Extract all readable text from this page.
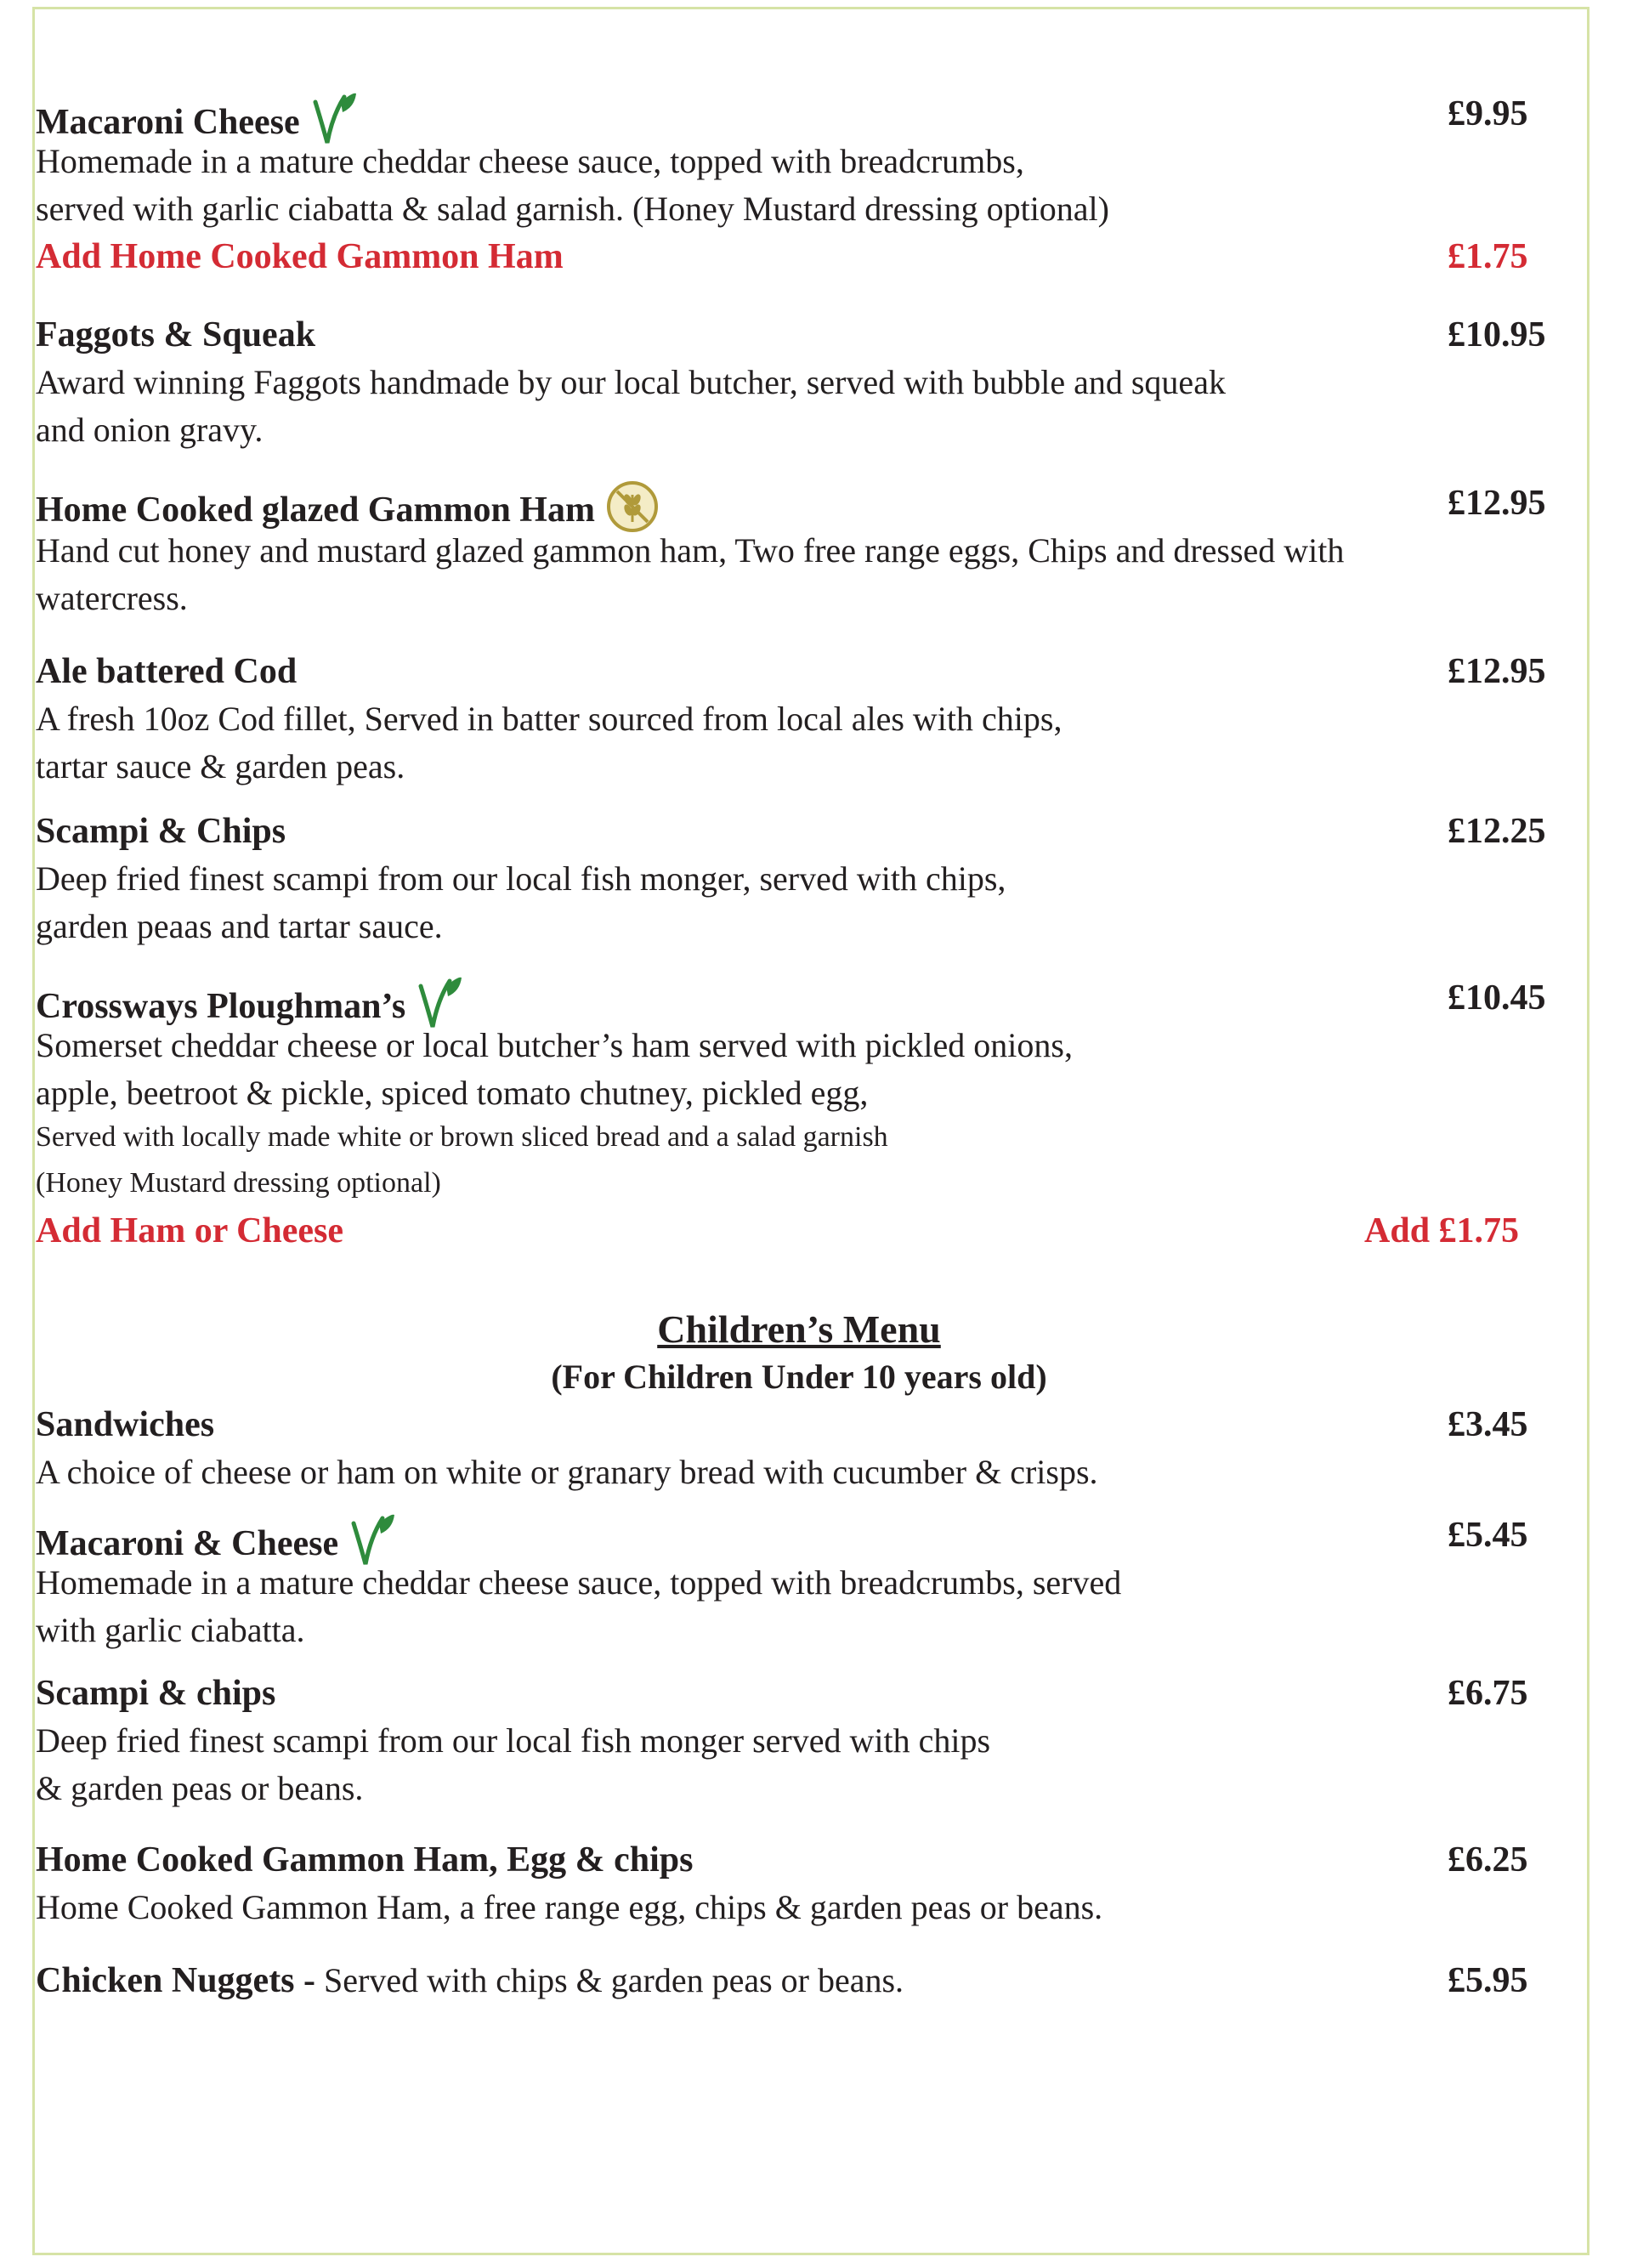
Macaroni Cheese	£9.95
Homemade in a mature cheddar cheese sauce, topped with breadcrumbs,
served with garlic ciabatta & salad garnish. (Honey Mustard dressing optional)
Add Home Cooked Gammon Ham	£1.75
Faggots & Squeak	£10.95
Award winning Faggots handmade by our local butcher, served with bubble and squeak
and onion gravy.
Home Cooked glazed Gammon Ham	£12.95
Hand cut honey and mustard glazed gammon ham, Two free range eggs, Chips and dressed with
watercress.
Ale battered Cod	£12.95
A fresh 10oz Cod fillet, Served in batter sourced from local ales with chips,
tartar sauce & garden peas.
Scampi & Chips	£12.25
Deep fried finest scampi from our local fish monger, served with chips,
garden peaas and tartar sauce.
Crossways Ploughman’s	£10.45
Somerset cheddar cheese or local butcher’s ham served with pickled onions,
apple, beetroot & pickle, spiced tomato chutney, pickled egg,
Served with locally made white or brown sliced bread and a salad garnish
(Honey Mustard dressing optional)
Add Ham or Cheese	Add £1.75
Children’s Menu
(For Children Under 10 years old)
Sandwiches	£3.45
A choice of cheese or ham on white or granary bread with cucumber & crisps.
Macaroni & Cheese	£5.45
Homemade in a mature cheddar cheese sauce, topped with breadcrumbs, served
with garlic ciabatta.
Scampi & chips	£6.75
Deep fried finest scampi from our local fish monger served with chips
& garden peas or beans.
Home Cooked Gammon Ham, Egg & chips	£6.25
Home Cooked Gammon Ham, a free range egg, chips & garden peas or beans.
Chicken Nuggets - Served with chips & garden peas or beans.	£5.95
